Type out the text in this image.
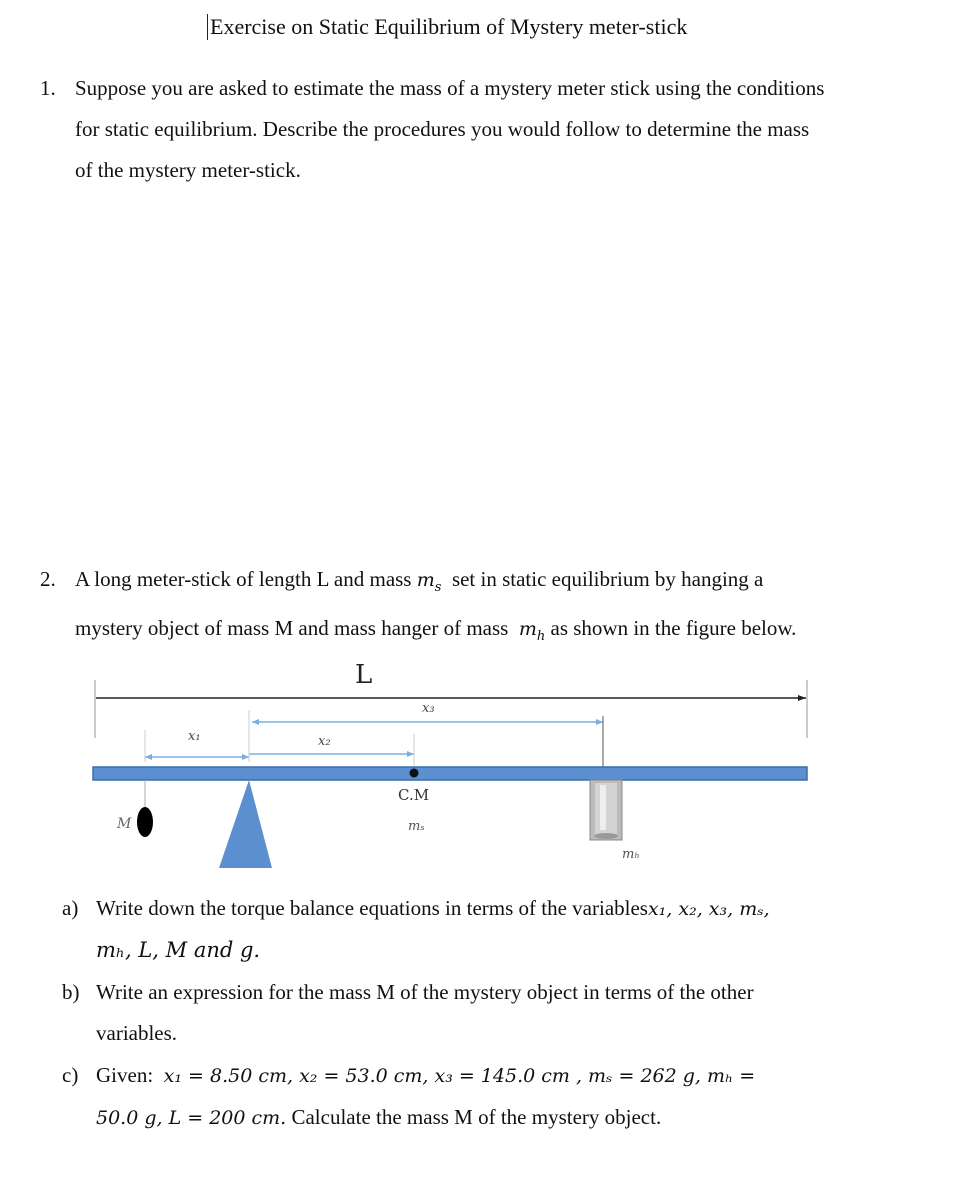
Exercise on Static Equilibrium of Mystery meter-stick
1. Suppose you are asked to estimate the mass of a mystery meter stick using the conditions
for static equilibrium. Describe the procedures you would follow to determine the mass
of the mystery meter-stick.
2. A long meter-stick of length L and mass $m_s$ set in static equilibrium by hanging a
mystery object of mass M and mass hanger of mass $m_h$ as shown in the figure below.
L
x₁	x₂
x₃
C.M
mₛ
M
mₕ
a) Write down the torque balance equations in terms of the variablesx₁, x₂, x₃, mₛ,
mₕ, L, M and g.
b) Write an expression for the mass M of the mystery object in terms of the other
variables.
c) Given: x₁ = 8.50 cm, x₂ = 53.0 cm, x₃ = 145.0 cm , mₛ = 262 g, mₕ =
50.0 g, L = 200 cm. Calculate the mass M of the mystery object.
